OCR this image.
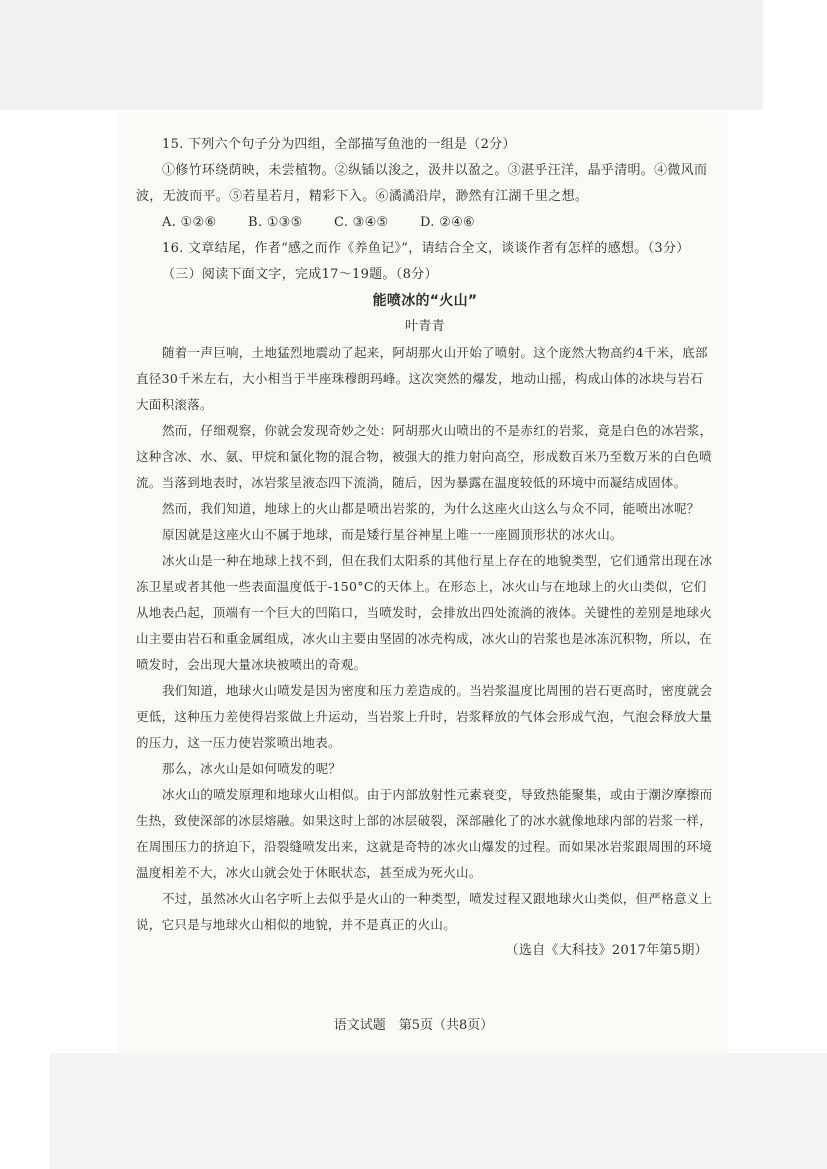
15. 下列六个句子分为四组，全部描写鱼池的一组是（2分）

①修竹环绕荫映，未尝植物。②纵锸以浚之，汲井以盈之。③湛乎汪洋，晶乎清明。④微风而波，无波而平。⑤若星若月，精彩下入。⑥潏潏沿岸，渺然有江湖千里之想。

A. ①②⑥ B. ①③⑤ C. ③④⑤ D. ②④⑥

16. 文章结尾，作者“感之而作《养鱼记》”，请结合全文，谈谈作者有怎样的感想。（3分）

（三）阅读下面文字，完成17～19题。（8分）

能喷冰的“火山”

叶青青

随着一声巨响，土地猛烈地震动了起来，阿胡那火山开始了喷射。这个庞然大物高约4千米，底部直径30千米左右，大小相当于半座珠穆朗玛峰。这次突然的爆发，地动山摇，构成山体的冰块与岩石大面积滚落。

然而，仔细观察，你就会发现奇妙之处：阿胡那火山喷出的不是赤红的岩浆，竟是白色的冰岩浆，这种含冰、水、氨、甲烷和氯化物的混合物，被强大的推力射向高空，形成数百米乃至数万米的白色喷流。当落到地表时，冰岩浆呈液态四下流淌，随后，因为暴露在温度较低的环境中而凝结成固体。

然而，我们知道，地球上的火山都是喷出岩浆的，为什么这座火山这么与众不同，能喷出冰呢？

原因就是这座火山不属于地球，而是矮行星谷神星上唯一一座圆顶形状的冰火山。

冰火山是一种在地球上找不到，但在我们太阳系的其他行星上存在的地貌类型，它们通常出现在冰冻卫星或者其他一些表面温度低于-150°C的天体上。在形态上，冰火山与在地球上的火山类似，它们从地表凸起，顶端有一个巨大的凹陷口，当喷发时，会排放出四处流淌的液体。关键性的差别是地球火山主要由岩石和重金属组成，冰火山主要由坚固的冰壳构成，冰火山的岩浆也是冰冻沉积物，所以，在喷发时，会出现大量冰块被喷出的奇观。

我们知道，地球火山喷发是因为密度和压力差造成的。当岩浆温度比周围的岩石更高时，密度就会更低，这种压力差使得岩浆做上升运动，当岩浆上升时，岩浆释放的气体会形成气泡，气泡会释放大量的压力，这一压力使岩浆喷出地表。

那么，冰火山是如何喷发的呢？

冰火山的喷发原理和地球火山相似。由于内部放射性元素衰变，导致热能聚集，或由于潮汐摩擦而生热，致使深部的冰层熔融。如果这时上部的冰层破裂，深部融化了的冰水就像地球内部的岩浆一样，在周围压力的挤迫下，沿裂缝喷发出来，这就是奇特的冰火山爆发的过程。而如果冰岩浆跟周围的环境温度相差不大，冰火山就会处于休眠状态，甚至成为死火山。

不过，虽然冰火山名字听上去似乎是火山的一种类型，喷发过程又跟地球火山类似，但严格意义上说，它只是与地球火山相似的地貌，并不是真正的火山。

（选自《大科技》2017年第5期）

语文试题　第5页（共8页）
